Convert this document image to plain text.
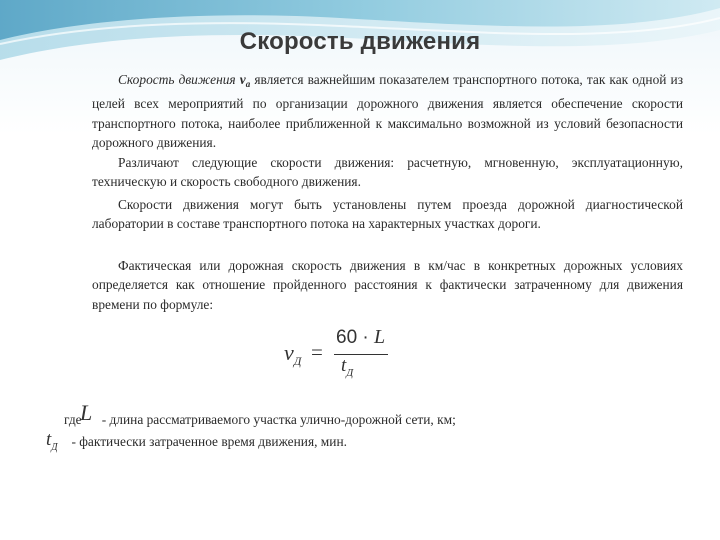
Скорость движения

Скорость движения $v_а$ является важнейшим показателем транспортного потока, так как одной из целей всех мероприятий по организации дорожного движения является обеспечение скорости транспортного потока, наиболее приближенной к максимально возможной из условий безопасности дорожного движения.

Различают следующие скорости движения: расчетную, мгновенную, эксплуатационную, техническую и скорость свободного движения.

Скорости движения могут быть установлены путем проезда дорожной диагностической лаборатории в составе транспортного потока на характерных участках дороги.

Фактическая или дорожная скорость движения в км/час в конкретных дорожных условиях определяется как отношение пройденного расстояния к фактически затраченному для движения времени по формуле:

$v_Д$ =
60 · L
$t_Д$
где - длина рассматриваемого участка улично-дорожной сети, км;
L
$t_Д$	- фактически затраченное время движения, мин.
